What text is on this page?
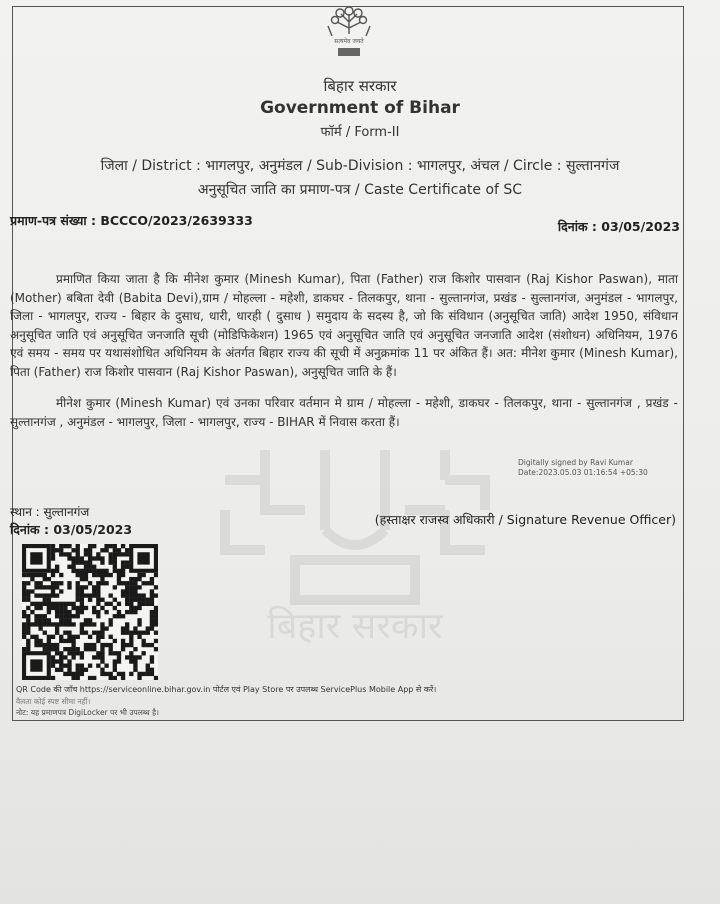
बिहार सरकार
सत्यमेव जयते
बिहार सरकार
Government of Bihar
फॉर्म / Form-II
जिला / District : भागलपुर, अनुमंडल / Sub-Division : भागलपुर, अंचल / Circle : सुल्तानगंज
अनुसूचित जाति का प्रमाण-पत्र / Caste Certificate of SC
प्रमाण-पत्र संख्या : BCCCO/2023/2639333	दिनांक : 03/05/2023
प्रमाणित किया जाता है कि मीनेश कुमार (Minesh Kumar), पिता (Father) राज किशोर पासवान (Raj Kishor Paswan), माता (Mother) बबिता देवी (Babita Devi),ग्राम / मोहल्ला - महेशी, डाकघर - तिलकपुर, थाना - सुल्तानगंज, प्रखंड - सुल्तानगंज, अनुमंडल - भागलपुर, जिला - भागलपुर, राज्य - बिहार के दुसाध, धारी, धारही ( दुसाध ) समुदाय के सदस्य है, जो कि संविधान (अनुसूचित जाति) आदेश 1950, संविधान अनुसूचित जाति एवं अनुसूचित जनजाति सूची (मोडिफिकेशन) 1965 एवं अनुसूचित जाति एवं अनुसूचित जनजाति आदेश (संशोधन) अधिनियम, 1976 एवं समय - समय पर यथासंशोधित अधिनियम के अंतर्गत बिहार राज्य की सूची में अनुक्रमांक 11 पर अंकित हैं। अत: मीनेश कुमार (Minesh Kumar), पिता (Father) राज किशोर पासवान (Raj Kishor Paswan), अनुसूचित जाति के हैं।
मीनेश कुमार (Minesh Kumar) एवं उनका परिवार वर्तमान मे ग्राम / मोहल्ला - महेशी, डाकघर - तिलकपुर, थाना - सुल्तानगंज , प्रखंड - सुल्तानगंज , अनुमंडल - भागलपुर, जिला - भागलपुर, राज्य - BIHAR में निवास करता हैं।
Digitally signed by Ravi Kumar
Date:2023.05.03 01:16:54 +05:30
स्थान : सुल्तानगंज
दिनांक : 03/05/2023
(हस्ताक्षर राजस्व अधिकारी / Signature Revenue Officer)
QR Code की जाँच https://serviceonline.bihar.gov.in पोर्टल एवं Play Store पर उपलब्ध ServicePlus Mobile App से करें।
वैलता कोई स्पष्ट सीमा नहीं।
नोट: यह प्रमाणपत्र DigiLocker पर भी उपलब्ध है।
